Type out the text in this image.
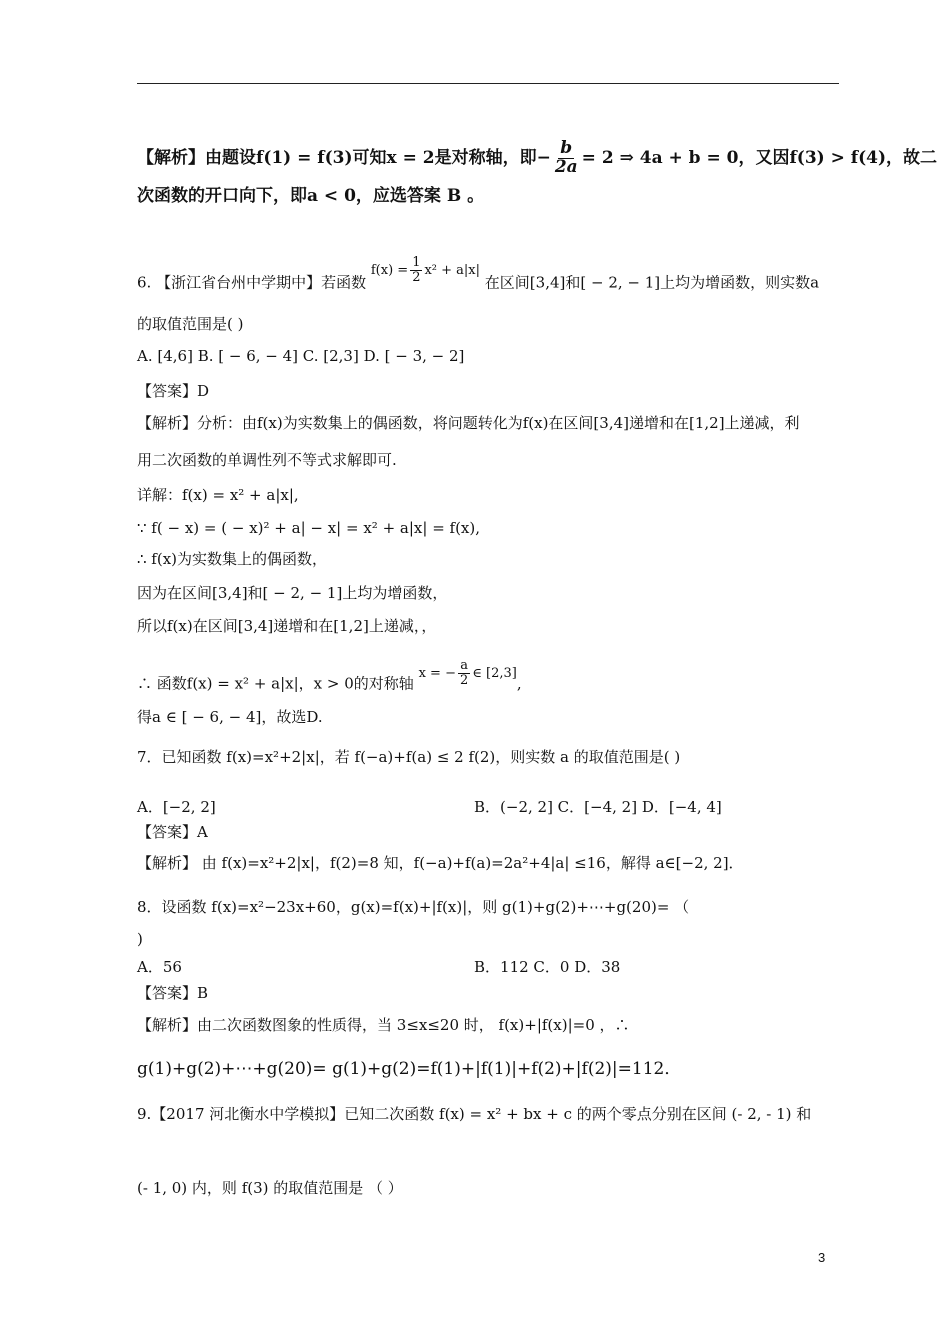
【解析】由题设f(1) = f(3)可知x = 2是对称轴，即− $\frac{b}{2a} = 2$ ⇒ 4a + b = 0，又因f(3) > f(4)，故二
次函数的开口向下，即a < 0，应选答案 B 。
6. 【浙江省台州中学期中】若函数 $f(x) = \frac{1}{2} x^2 + a|x|$ 在区间[3,4]和[ − 2, − 1]上均为增函数，则实数a
的取值范围是( )
A. [4,6] B. [ − 6, − 4] C. [2,3] D. [ − 3, − 2]
【答案】D
【解析】分析：由f(x)为实数集上的偶函数，将问题转化为f(x)在区间[3,4]递增和在[1,2]上递减，利
用二次函数的单调性列不等式求解即可.
详解：f(x) = x² + a|x|,
∵ f( − x) = ( − x)² + a| − x| = x² + a|x| = f(x),
∴ f(x)为实数集上的偶函数，
因为在区间[3,4]和[ − 2, − 1]上均为增函数，
所以f(x)在区间[3,4]递增和在[1,2]上递减，，
∴ 函数f(x) = x² + a|x|，x > 0的对称轴 x = − $\frac{a}{2}$ ∈ [2,3],
得a ∈ [ − 6, − 4]，故选D.
7．已知函数 f(x)=x²+2|x|，若 f(−a)+f(a) ≤ 2 f(2)，则实数 a 的取值范围是( )
A．[−2, 2]	B．(−2, 2] C．[−4, 2] D．[−4, 4]
【答案】A
【解析】 由 f(x)=x²+2|x|，f(2)=8 知，f(−a)+f(a)=2a²+4|a| ≤16，解得 a∈[−2, 2]．
8．设函数 f(x)=x²−23x+60，g(x)=f(x)+|f(x)|，则 g(1)+g(2)+⋯+g(20)= （
)
A．56	B．112 C．0 D．38
【答案】B
【解析】由二次函数图象的性质得，当 3≤x≤20 时， f(x)+|f(x)|=0 ，∴
g(1)+g(2)+⋯+g(20)= g(1)+g(2)=f(1)+|f(1)|+f(2)+|f(2)|=112．
9.【2017 河北衡水中学模拟】已知二次函数 f(x) = x² + bx + c 的两个零点分别在区间 (- 2, - 1) 和
(- 1, 0) 内，则 f(3) 的取值范围是 （ ）
3
